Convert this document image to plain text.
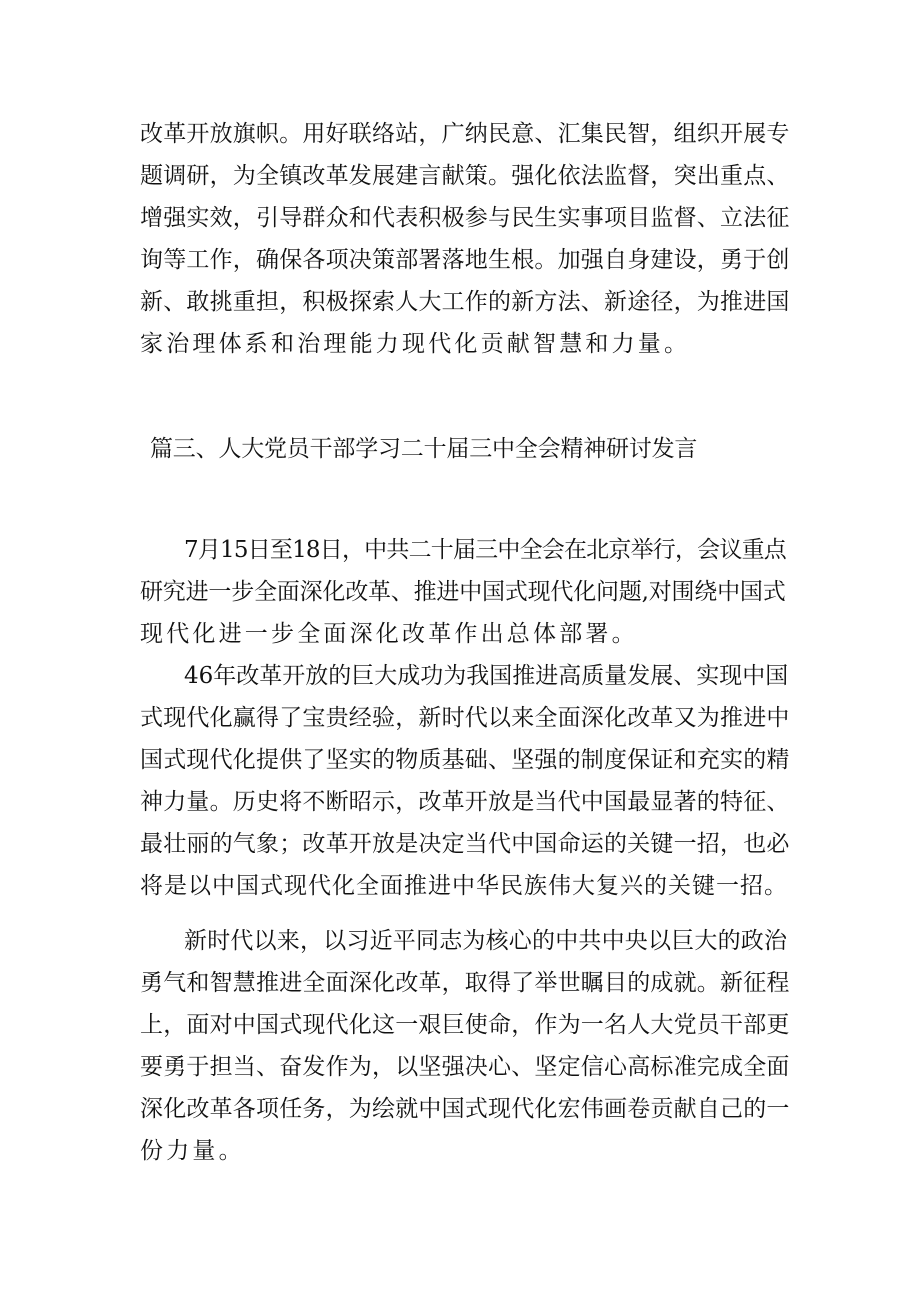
改革开放旗帜。用好联络站，广纳民意、汇集民智，组织开展专
题调研，为全镇改革发展建言献策。强化依法监督，突出重点、
增强实效，引导群众和代表积极参与民生实事项目监督、立法征
询等工作，确保各项决策部署落地生根。加强自身建设，勇于创
新、敢挑重担，积极探索人大工作的新方法、新途径，为推进国
家治理体系和治理能力现代化贡献智慧和力量。
篇三、人大党员干部学习二十届三中全会精神研讨发言
7月15日至18日，中共二十届三中全会在北京举行，会议重点
研究进一步全面深化改革、推进中国式现代化问题,对围绕中国式
现代化进一步全面深化改革作出总体部署。
46年改革开放的巨大成功为我国推进高质量发展、实现中国
式现代化赢得了宝贵经验，新时代以来全面深化改革又为推进中
国式现代化提供了坚实的物质基础、坚强的制度保证和充实的精
神力量。历史将不断昭示，改革开放是当代中国最显著的特征、
最壮丽的气象；改革开放是决定当代中国命运的关键一招，也必
将是以中国式现代化全面推进中华民族伟大复兴的关键一招。
新时代以来，以习近平同志为核心的中共中央以巨大的政治
勇气和智慧推进全面深化改革，取得了举世瞩目的成就。新征程
上，面对中国式现代化这一艰巨使命，作为一名人大党员干部更
要勇于担当、奋发作为，以坚强决心、坚定信心高标准完成全面
深化改革各项任务，为绘就中国式现代化宏伟画卷贡献自己的一
份力量。
